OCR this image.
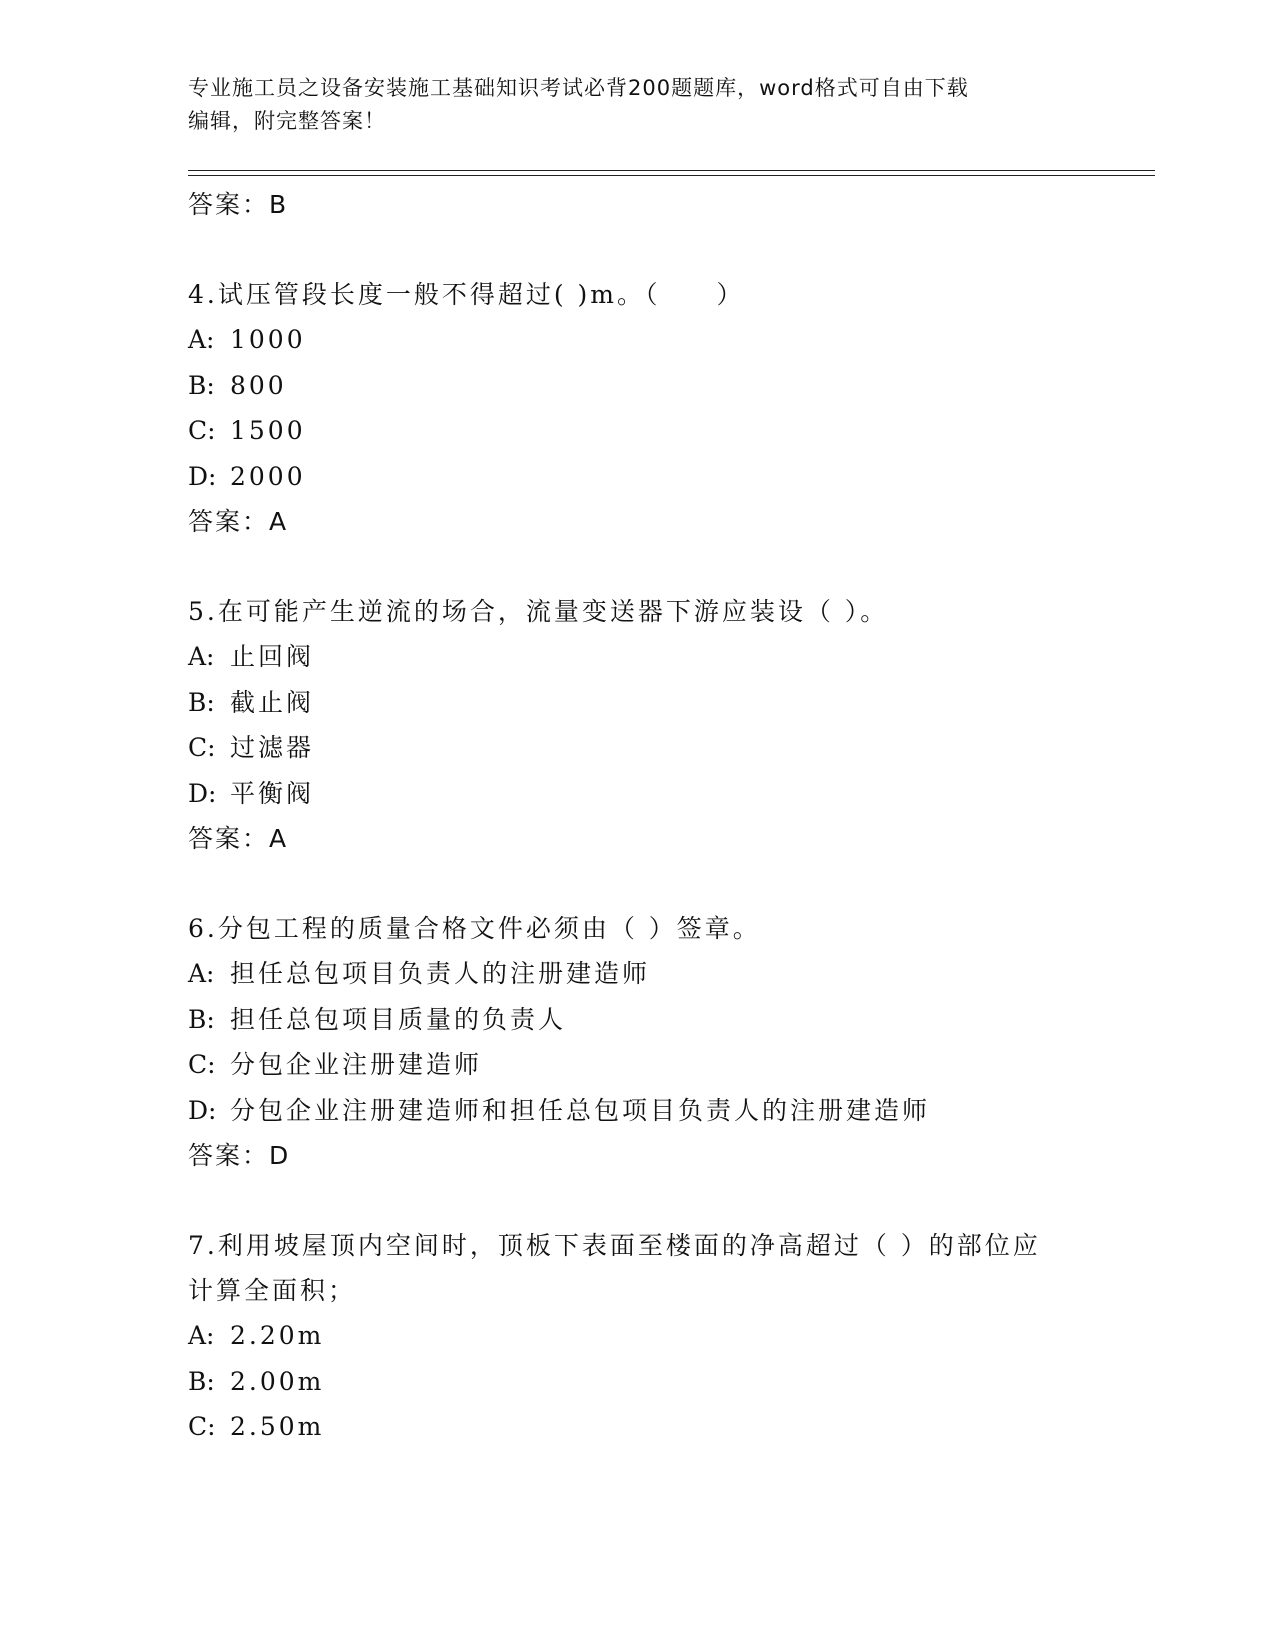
专业施工员之设备安装施工基础知识考试必背200题题库，word格式可自由下载
编辑，附完整答案！
答案：B
4.试压管段长度一般不得超过( )m。（　　）
A: 1000
B: 800
C: 1500
D: 2000
答案：A
5.在可能产生逆流的场合，流量变送器下游应装设（ ）。
A: 止回阀
B: 截止阀
C: 过滤器
D: 平衡阀
答案：A
6.分包工程的质量合格文件必须由（ ）签章。
A: 担任总包项目负责人的注册建造师
B: 担任总包项目质量的负责人
C: 分包企业注册建造师
D: 分包企业注册建造师和担任总包项目负责人的注册建造师
答案：D
7.利用坡屋顶内空间时，顶板下表面至楼面的净高超过（ ）的部位应
计算全面积；
A: 2.20m
B: 2.00m
C: 2.50m
